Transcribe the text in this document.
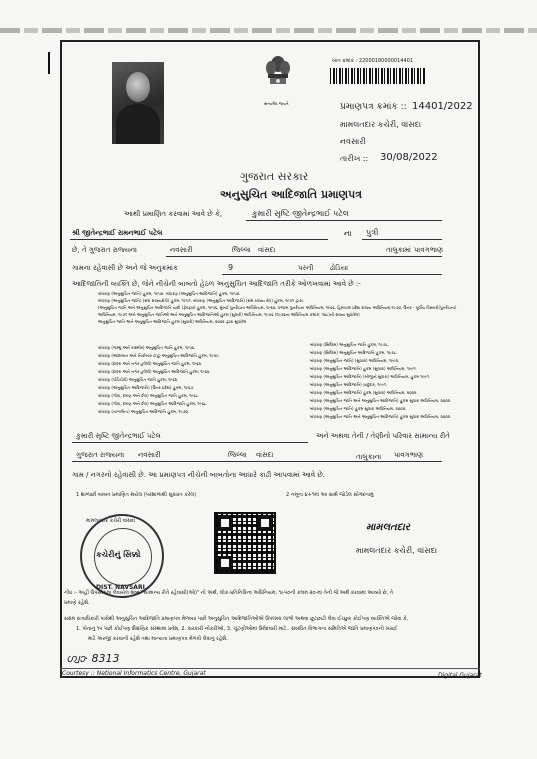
સત્યમેવ જયતે
ખાત ક્રમાંક : 22000180000014401
પ્રમાણપત્ર ક્રમાંક :: 14401/2022
મામલતદાર કચેરી, વાંસદા
નવસારી
તારીખ :: 30/08/2022
ગુજરાત સરકાર
અનુસુચિત આદિજાતિ પ્રમાણપત્ર
આથી પ્રમાણિત કરવામાં આવે છે કે,	કુમારી સૃષ્ટિ જીતેન્દ્રભાઈ પટેલ
શ્રી જીતેન્દ્રભાઈ રામનભાઈ પટેલ	ના પુત્રી
છે, તે ગુજરાત રાજ્યના	નવસારી	જિલ્લા વાંસદા	તાલુકામાં પાવગભાણ
ગામના રહેવાસી છે અને જે અનુક્રમાંક	9	પરની ઢોડિયા
આદિજાતિની વ્યક્તિ છે, જેને નીચેની બાબતો હેઠળ અનુસુચિત આદિજાતિ તરીકે ઓળખવામાં આવે છે :-
બંધારણ (અનુસુચિત જાતિ) હુકમ, ૧૯૫૦. બંધારણ (અનુસુચિત આદિજાતિ) હુકમ, ૧૯૫૦.
બંધારણ (અનુસુચિત જાતિ) (સંઘ રાજ્યક્ષેત્રો) હુકમ, ૧૯૫૧. બંધારણ (અનુસુચિત આદિજાતિ) (સંઘ રાજ્ય ક્ષેત્ર) હુકમ, ૧૯૫૧ દ્વારા.
(અનુસુચિત જાતિ અને અનુસુચિત આદિજાતિ યાદી (ફેરફાર) હુકમ, ૧૯૫૬, મુંબઈ પુનર્રચના અધિનિયમ, ૧૯૬૦, પંજાબ પુનર્રચના અધિનિયમ, ૧૯૬૬, હિમાચલ પ્રદેશ રાજ્ય અધિનિયમ,૧૯૭૦, ઉત્તર - પૂર્વીય વિસ્તારો(પુનર્રચના)
અધિનિયમ, ૧૯૭૧ અને અનુસુચિત જાતિઓ અને અનુસુચિત આદિજાતિઓ હુકમ (સુધારો) અધિનિયમ, ૧૯૭૬ (૧૯૭૬ના અધિનિયમ ક્રમાંક: ૧૦૮)ની રાજ્ય સુધારેલ)
અનુસુચિત જાતિ અને અનુસુચિત આદિજાતિ હુકમ (સુધારો) અધિનિયમ, ૨૦૦૨ દ્વારા સુધારેલ
બંધારણ (જમ્મુ અને કાશ્મીર) અનુસુચિત જાતિ હુકમ, ૧૯૫૬.
બંધારણ (આંદામાન અને નિકોબાર ટાપુ) અનુસુચિત આદિજાતિ હુકમ, ૧૯૫૯.
બંધારણ (દાદરા અને નગર હવેલી) અનુસુચિત જાતિ હુકમ, ૧૯૬૨.
બંધારણ (દાદરા અને નગર હવેલી) અનુસુચિત આદિજાતિ હુકમ, ૧૯૬૨.
બંધારણ (પોંડિચેરી) અનુસુચિત જાતિ હુકમ, ૧૯૬૪.
બંધારણ (અનુસુચિત આદિજાતિ) (ઉત્તર પ્રદેશ) હુકમ, ૧૯૬૭.
બંધારણ (ગોવા, દમણ અને દીવ) અનુસુચિત જાતિ હુકમ, ૧૯૬૮.
બંધારણ (ગોવા, દમણ અને દીવ) અનુસુચિત આદિજાતિ હુકમ, ૧૯૬૮.
બંધારણ (નાગાલેન્ડ) અનુસુચિત આદિજાતિ હુકમ, ૧૯૭૦.
બંધારણ (સિક્કિમ) અનુસુચિત જાતિ હુકમ, ૧૯૭૮.
બંધારણ (સિક્કિમ) અનુસુચિત આદિજાતિ હુકમ, ૧૯૭૮.
બંધારણ (અનુસુચિત જાતિ) (સુધારા) અધિનિયમ, ૧૯૯૦.
બંધારણ (અનુસુચિત આદિજાતિ) હુકમ (સુધારા) અધિનિયમ, ૧૯૯૧.
બંધારણ (અનુસુચિત આદિજાતિ) (બીજીને સુધારા) અધિનિયમ, હુકમ ૧૯૯૧.
બંધારણ (અનુસુચિત આદિજાતિ) ચાદુદાર, ૧૯૯૧.
બંધારણ (અનુસુચિત આદિજાતિ) હુકમ (સુધારા) અધિનિયમ, ૨૦૦૨.
બંધારણ (અનુસુચિત જાતિ અને અનુસુચિત આદિજાતિ) હુકમ સુધારા અધિનિયમ, ૨૦૦૨.
બંધારણ (અનુસુચિત જાતિ) હુકમ સુધારા અધિનિયમ, ૨૦૦૨.
બંધારણ (અનુસુચિત જાતિ અને અનુસુચિત આદિજાતિ) હુકમ સુધારા અધિનિયમ, ૨૦૦૨.
કુમારી સૃષ્ટિ જીતેન્દ્રભાઈ પટેલ	અને અથવા તેની / તેણીનો પરિવાર સામાન્ય રીતે
ગુજરાત રાજ્યના નવસારી	જિલ્લા વાંસદા	તાલુકાના પાવગભાણ
ગામ / નગરનો રહેવાસી છે. આ પ્રમાણપત્ર નીચેની બાબતોના આધારે કાઢી આપવામાં આવે છે.
1 શાળાછી બાબત પ્રમાણિત થયેલ (પરશાળાથી સુધારત કરેલ)	2 નમૂના ૪+૧માં આ સાથે જોડેલ સોગંદનામું
મામલતદાર કચેરી વાંસદા
કચેરીનું સિક્કો
DIST. NAVSARI
મામલતદાર
મામલતદાર કચેરી, વાંસદા
નોંધ :- અહીં ઉપયોગમાં લેવાયેલ શબ્દ "સામાન્ય રીતે રહેવાસી(ઓ)" નો અર્થ, લોક-પ્રતિનિધિત્વ અધિનિયમ, ૧૯૫૦ની કલમ ૨૦-માં તેની જે અર્થ કરવામાં આવ્યો છે, તે
પ્રમાણે રહેશે.
સક્ષમ સત્તાધિકારી પાસેથી અનુસુચિત આદિજાતિ પ્રમાણપત્ર મેળવ્યા પછી અનુસુચિત આદિજાતિઓએ ઉપલબ્ધ લાભો અથવા છૂટછાટો લેવા ઈચ્છુક કોઈપણ વ્યક્તિએ જોવા કે,
1. પોતાનું ૧૫ પછી કોઈપણ શૈક્ષણિક સંસ્થામાં પ્રવેશ, 2. સરકારી નોકરીઓ, 3. ચૂંટણીઓમાં ઉમેદવારી માટે.. સંબંધિત વિભાગના સમિતિએ જાતિ પ્રમાણપત્રની ખરાઈ
માટે અરજી કરવાની રહેશે તથા માન્યતા પ્રમાણપત્ર મેળવી લેવાનું રહેશે.
ഗ്വാ· 8313
Courtesy :: National Informatics Centre, Gujarat	Digital Gujarat
